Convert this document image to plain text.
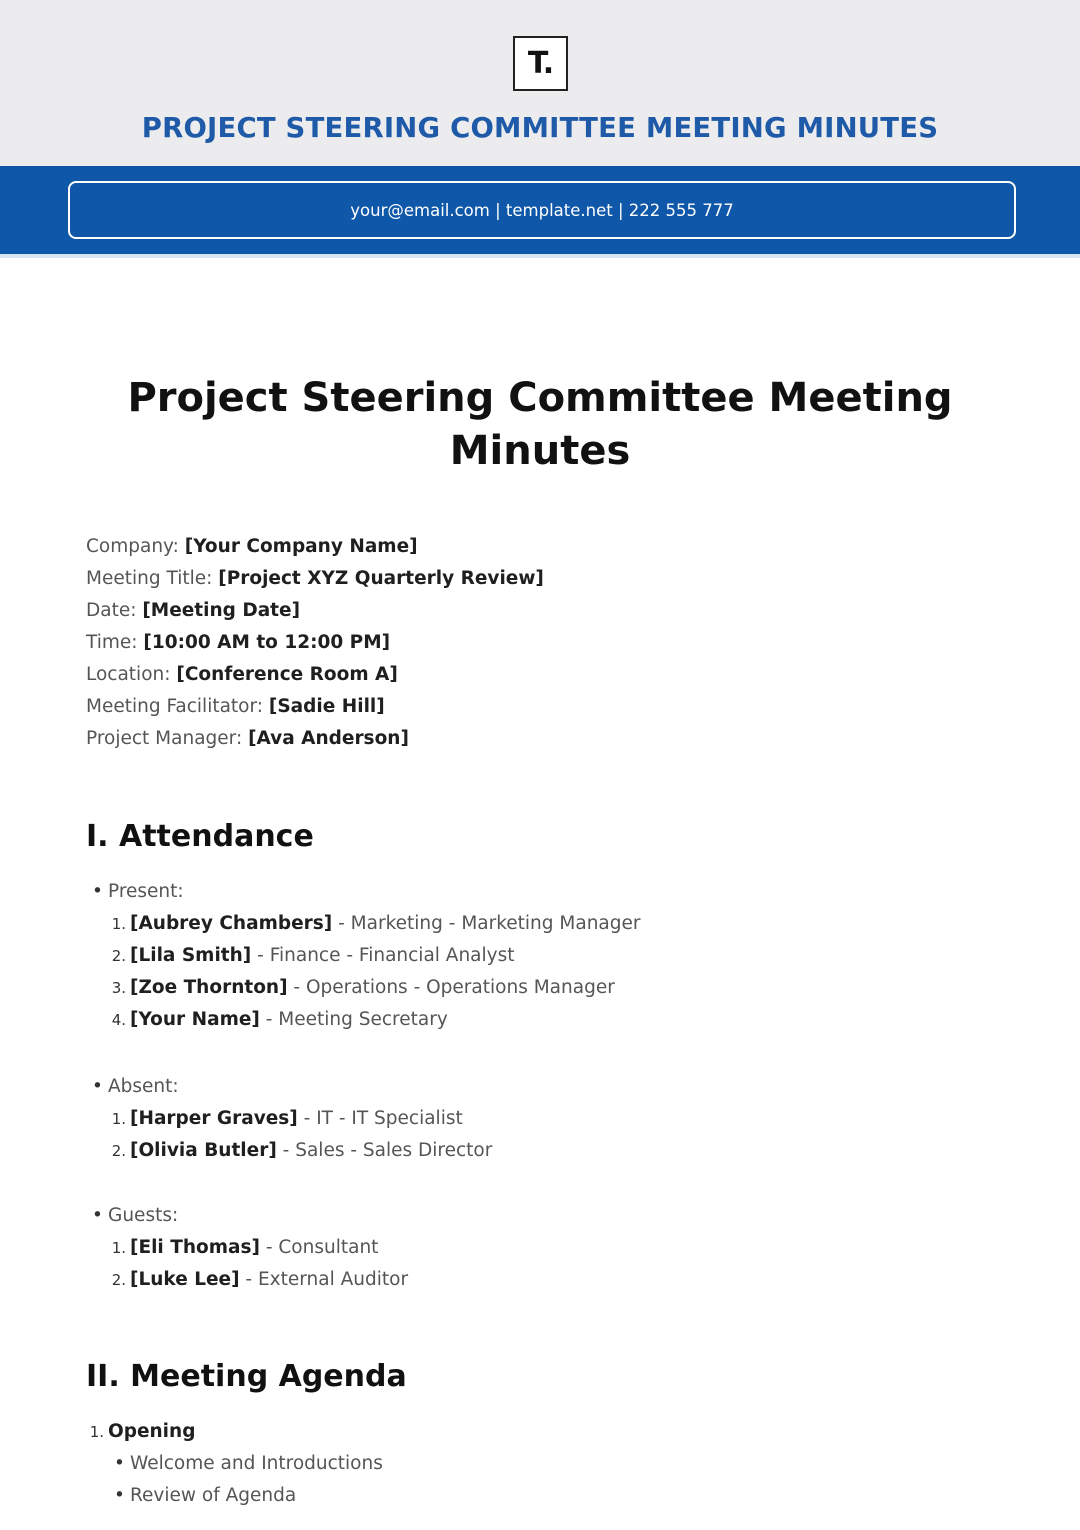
T.
PROJECT STEERING COMMITTEE MEETING MINUTES
your@email.com | template.net | 222 555 777
Project Steering Committee Meeting Minutes
Company: [Your Company Name]
Meeting Title: [Project XYZ Quarterly Review]
Date: [Meeting Date]
Time: [10:00 AM to 12:00 PM]
Location: [Conference Room A]
Meeting Facilitator: [Sadie Hill]
Project Manager: [Ava Anderson]
I. Attendance
• Present:
1. [Aubrey Chambers] - Marketing - Marketing Manager
2. [Lila Smith] - Finance - Financial Analyst
3. [Zoe Thornton] - Operations - Operations Manager
4. [Your Name] - Meeting Secretary
• Absent:
1. [Harper Graves] - IT - IT Specialist
2. [Olivia Butler] - Sales - Sales Director
• Guests:
1. [Eli Thomas] - Consultant
2. [Luke Lee] - External Auditor
II. Meeting Agenda
1. Opening
• Welcome and Introductions
• Review of Agenda
